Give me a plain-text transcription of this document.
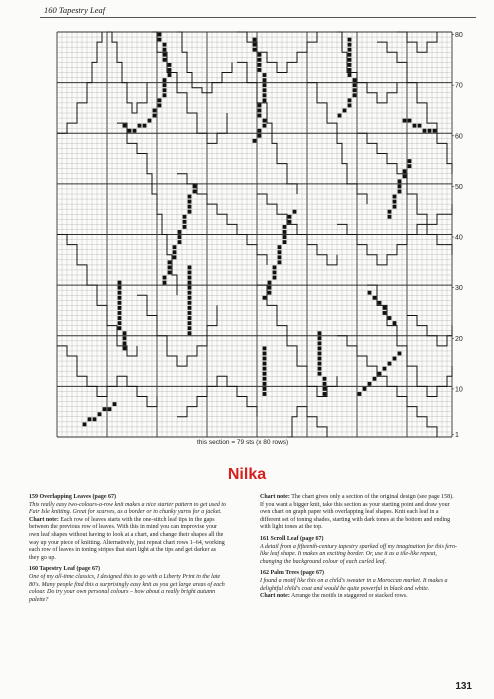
160 Tapestry Leaf
80
70
60
50
40
30
20
10
1
this section = 79 sts (x 80 rows)
Nilka

159 Overlapping Leaves (page 67)
This really easy two-colours-a-row knit makes a nice starter pattern to get used to Fair Isle knitting. Great for scarves, as a border or in chunky yarns for a jacket.
Chart note: Each row of leaves starts with the one-stitch leaf tips in the gaps between the previous row of leaves. With this in mind you can improvise your own leaf shapes without having to look at a chart, and change their shapes all the way up your piece of knitting. Alternatively, just repeat chart rows 1–64, working each row of leaves in toning stripes that start light at the tips and get darker as they go up.

160 Tapestry Leaf (page 67)
One of my all-time classics, I designed this to go with a Liberty Print in the late 80's. Many people find this a surprisingly easy knit as you get large areas of each colour. Do try your own personal colours – how about a really bright autumn palette?

Chart note: The chart gives only a section of the original design (see page 158). If you want a bigger knit, take this section as your starting point and draw your own chart on graph paper with overlapping leaf shapes. Knit each leaf in a different set of toning shades, starting with dark tones at the bottom and ending with light tones at the top.

161 Scroll Leaf (page 67)
A detail from a fifteenth-century tapestry sparked off my imagination for this fern-like leaf shape. It makes an exciting border. Or, use it as a tile-like repeat, changing the background colour of each curled leaf.

162 Palm Trees (page 67)
I found a motif like this on a child's sweater in a Moroccan market. It makes a delightful child's coat and would be quite powerful in black and white.
Chart note: Arrange the motifs in staggered or stacked rows.

131
